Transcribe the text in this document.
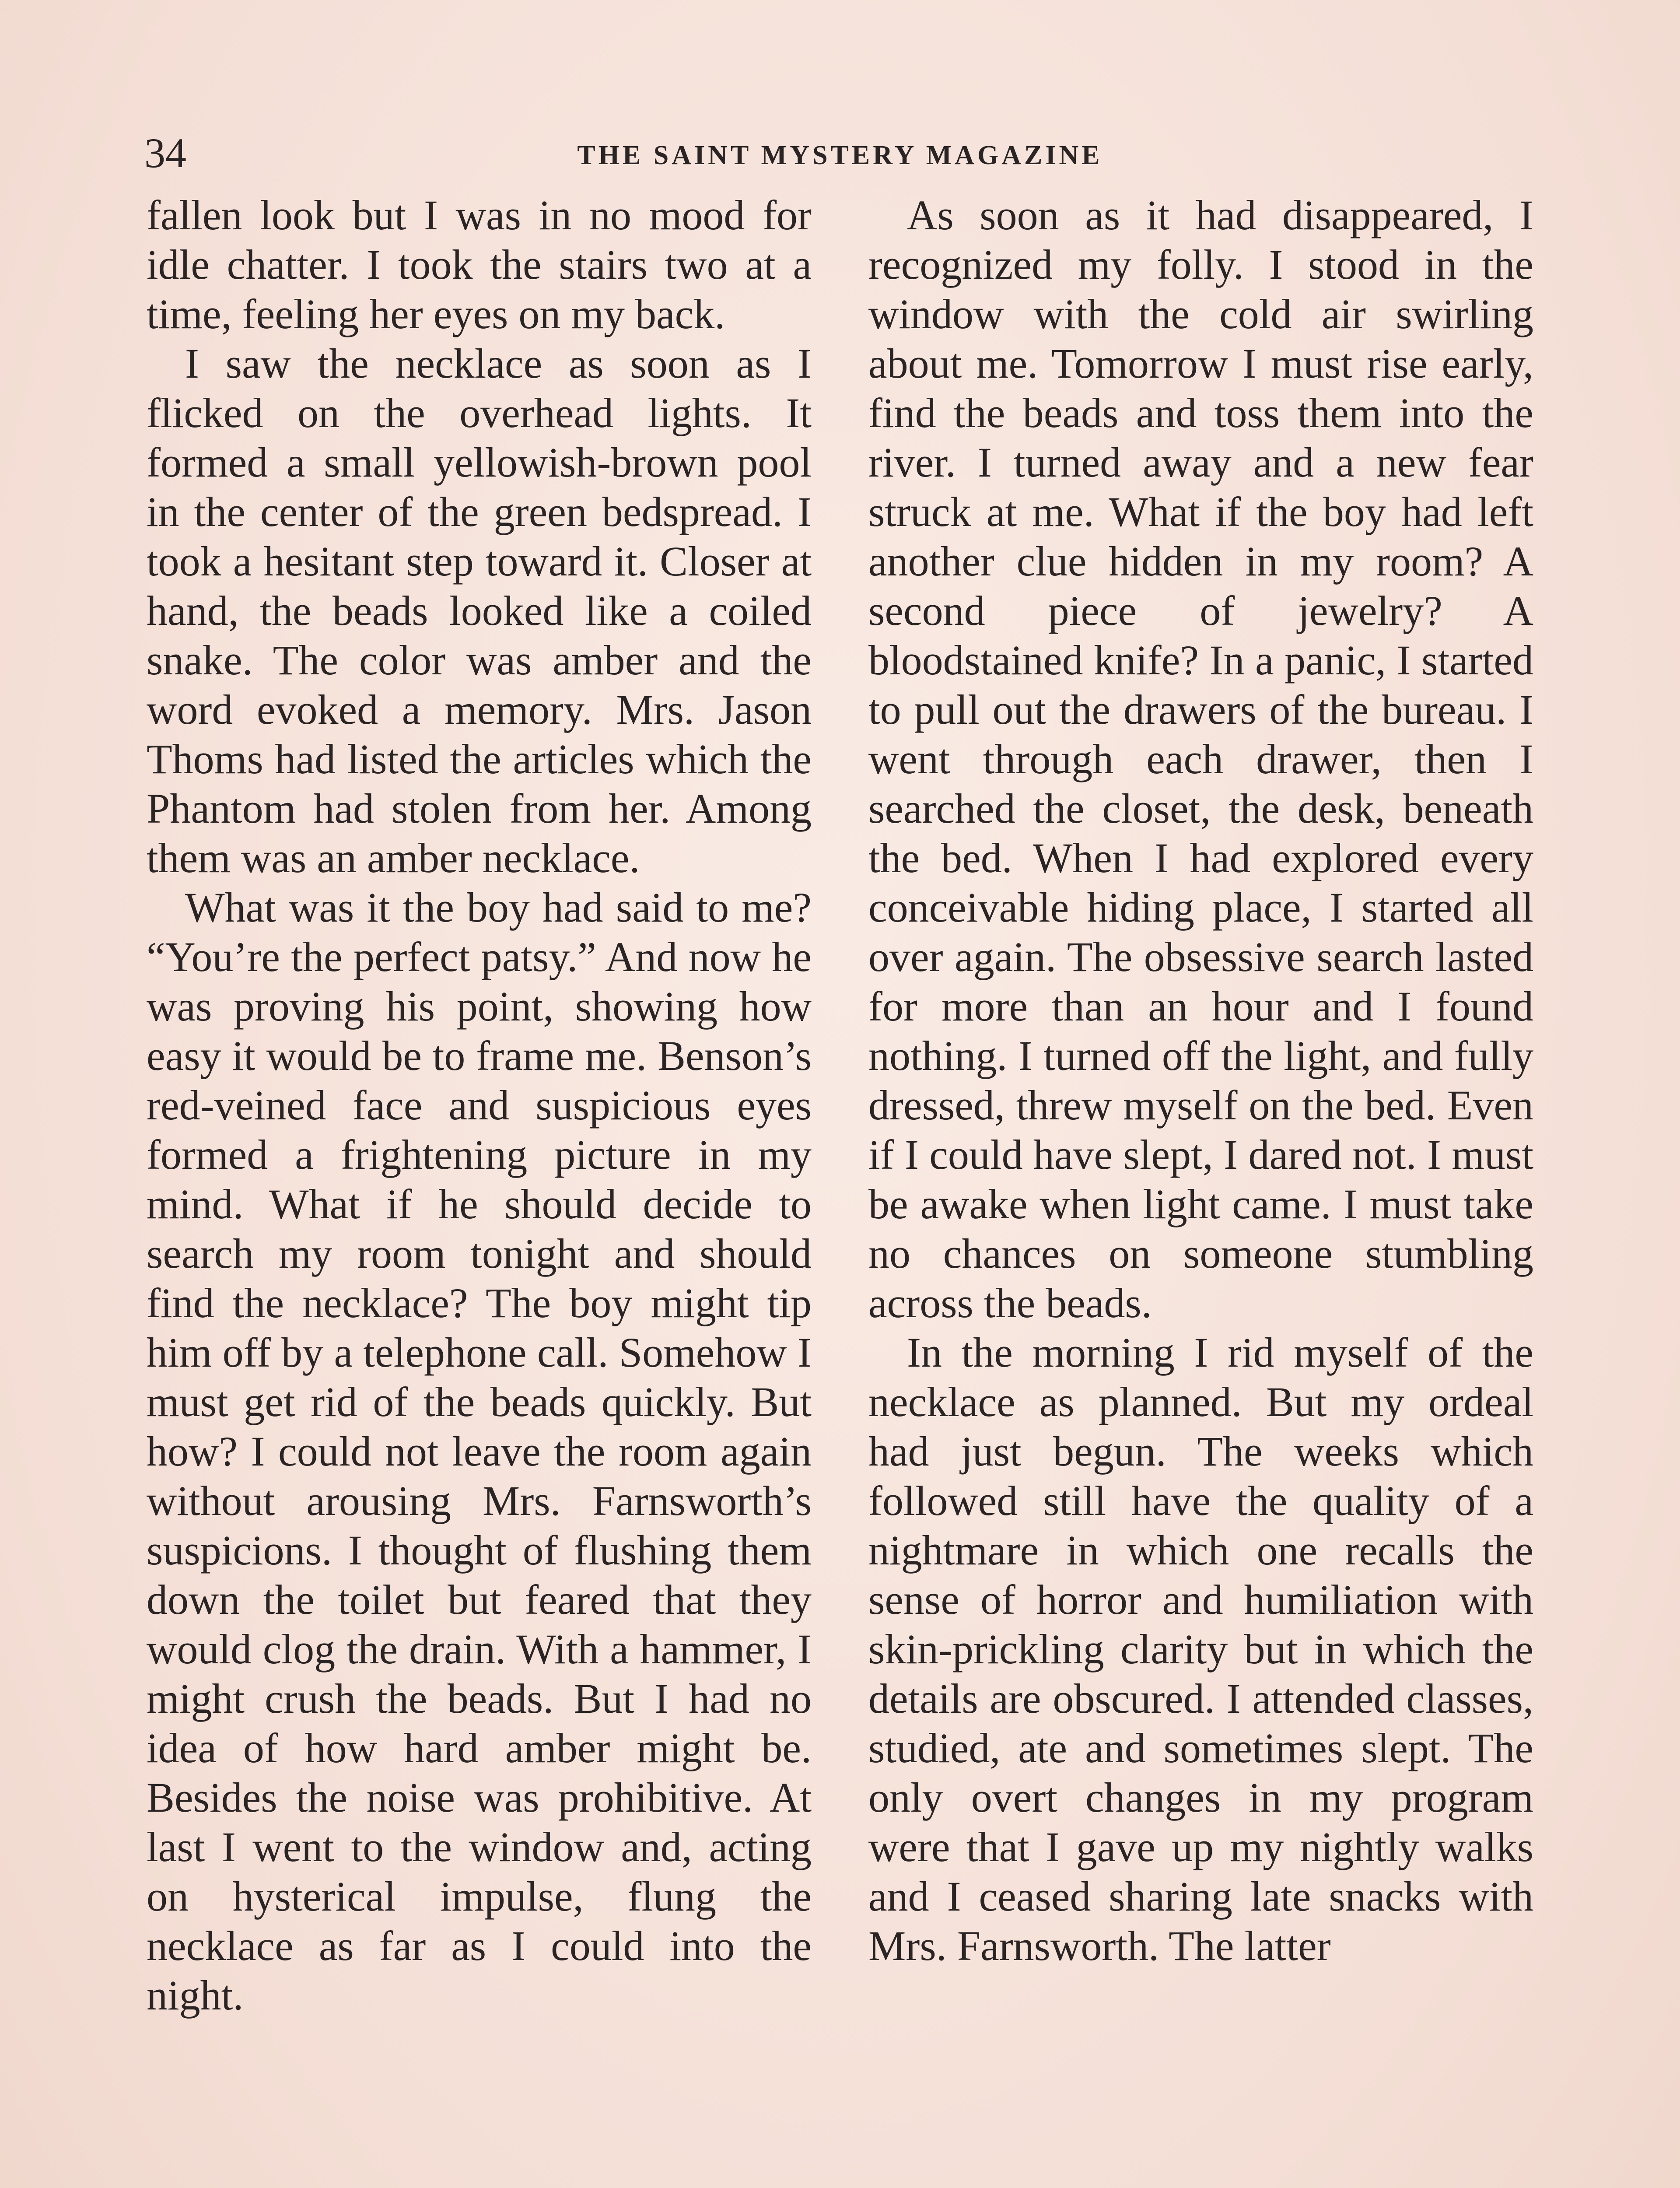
34	THE SAINT MYSTERY MAGAZINE

fallen look but I was in no mood for idle chatter. I took the stairs two at a time, feeling her eyes on my back.

I saw the necklace as soon as I flicked on the overhead lights. It formed a small yellowish-brown pool in the center of the green bedspread. I took a hesitant step toward it. Closer at hand, the beads looked like a coiled snake. The color was amber and the word evoked a memory. Mrs. Jason Thoms had listed the articles which the Phantom had stolen from her. Among them was an amber necklace.

What was it the boy had said to me? “You’re the perfect patsy.” And now he was proving his point, showing how easy it would be to frame me. Benson’s red-veined face and suspicious eyes formed a frightening picture in my mind. What if he should decide to search my room tonight and should find the necklace? The boy might tip him off by a telephone call. Somehow I must get rid of the beads quickly. But how? I could not leave the room again without arousing Mrs. Farnsworth’s suspicions. I thought of flushing them down the toilet but feared that they would clog the drain. With a hammer, I might crush the beads. But I had no idea of how hard amber might be. Besides the noise was prohibitive. At last I went to the window and, acting on hysterical impulse, flung the necklace as far as I could into the night.

As soon as it had disappeared, I recognized my folly. I stood in the window with the cold air swirling about me. Tomorrow I must rise early, find the beads and toss them into the river. I turned away and a new fear struck at me. What if the boy had left another clue hidden in my room? A second piece of jewelry? A bloodstained knife? In a panic, I started to pull out the drawers of the bureau. I went through each drawer, then I searched the closet, the desk, beneath the bed. When I had explored every conceivable hiding place, I started all over again. The obsessive search lasted for more than an hour and I found nothing. I turned off the light, and fully dressed, threw myself on the bed. Even if I could have slept, I dared not. I must be awake when light came. I must take no chances on someone stumbling across the beads.

In the morning I rid myself of the necklace as planned. But my ordeal had just begun. The weeks which followed still have the quality of a nightmare in which one recalls the sense of horror and humiliation with skin-prickling clarity but in which the details are obscured. I attended classes, studied, ate and sometimes slept. The only overt changes in my program were that I gave up my nightly walks and I ceased sharing late snacks with Mrs. Farnsworth. The latter
